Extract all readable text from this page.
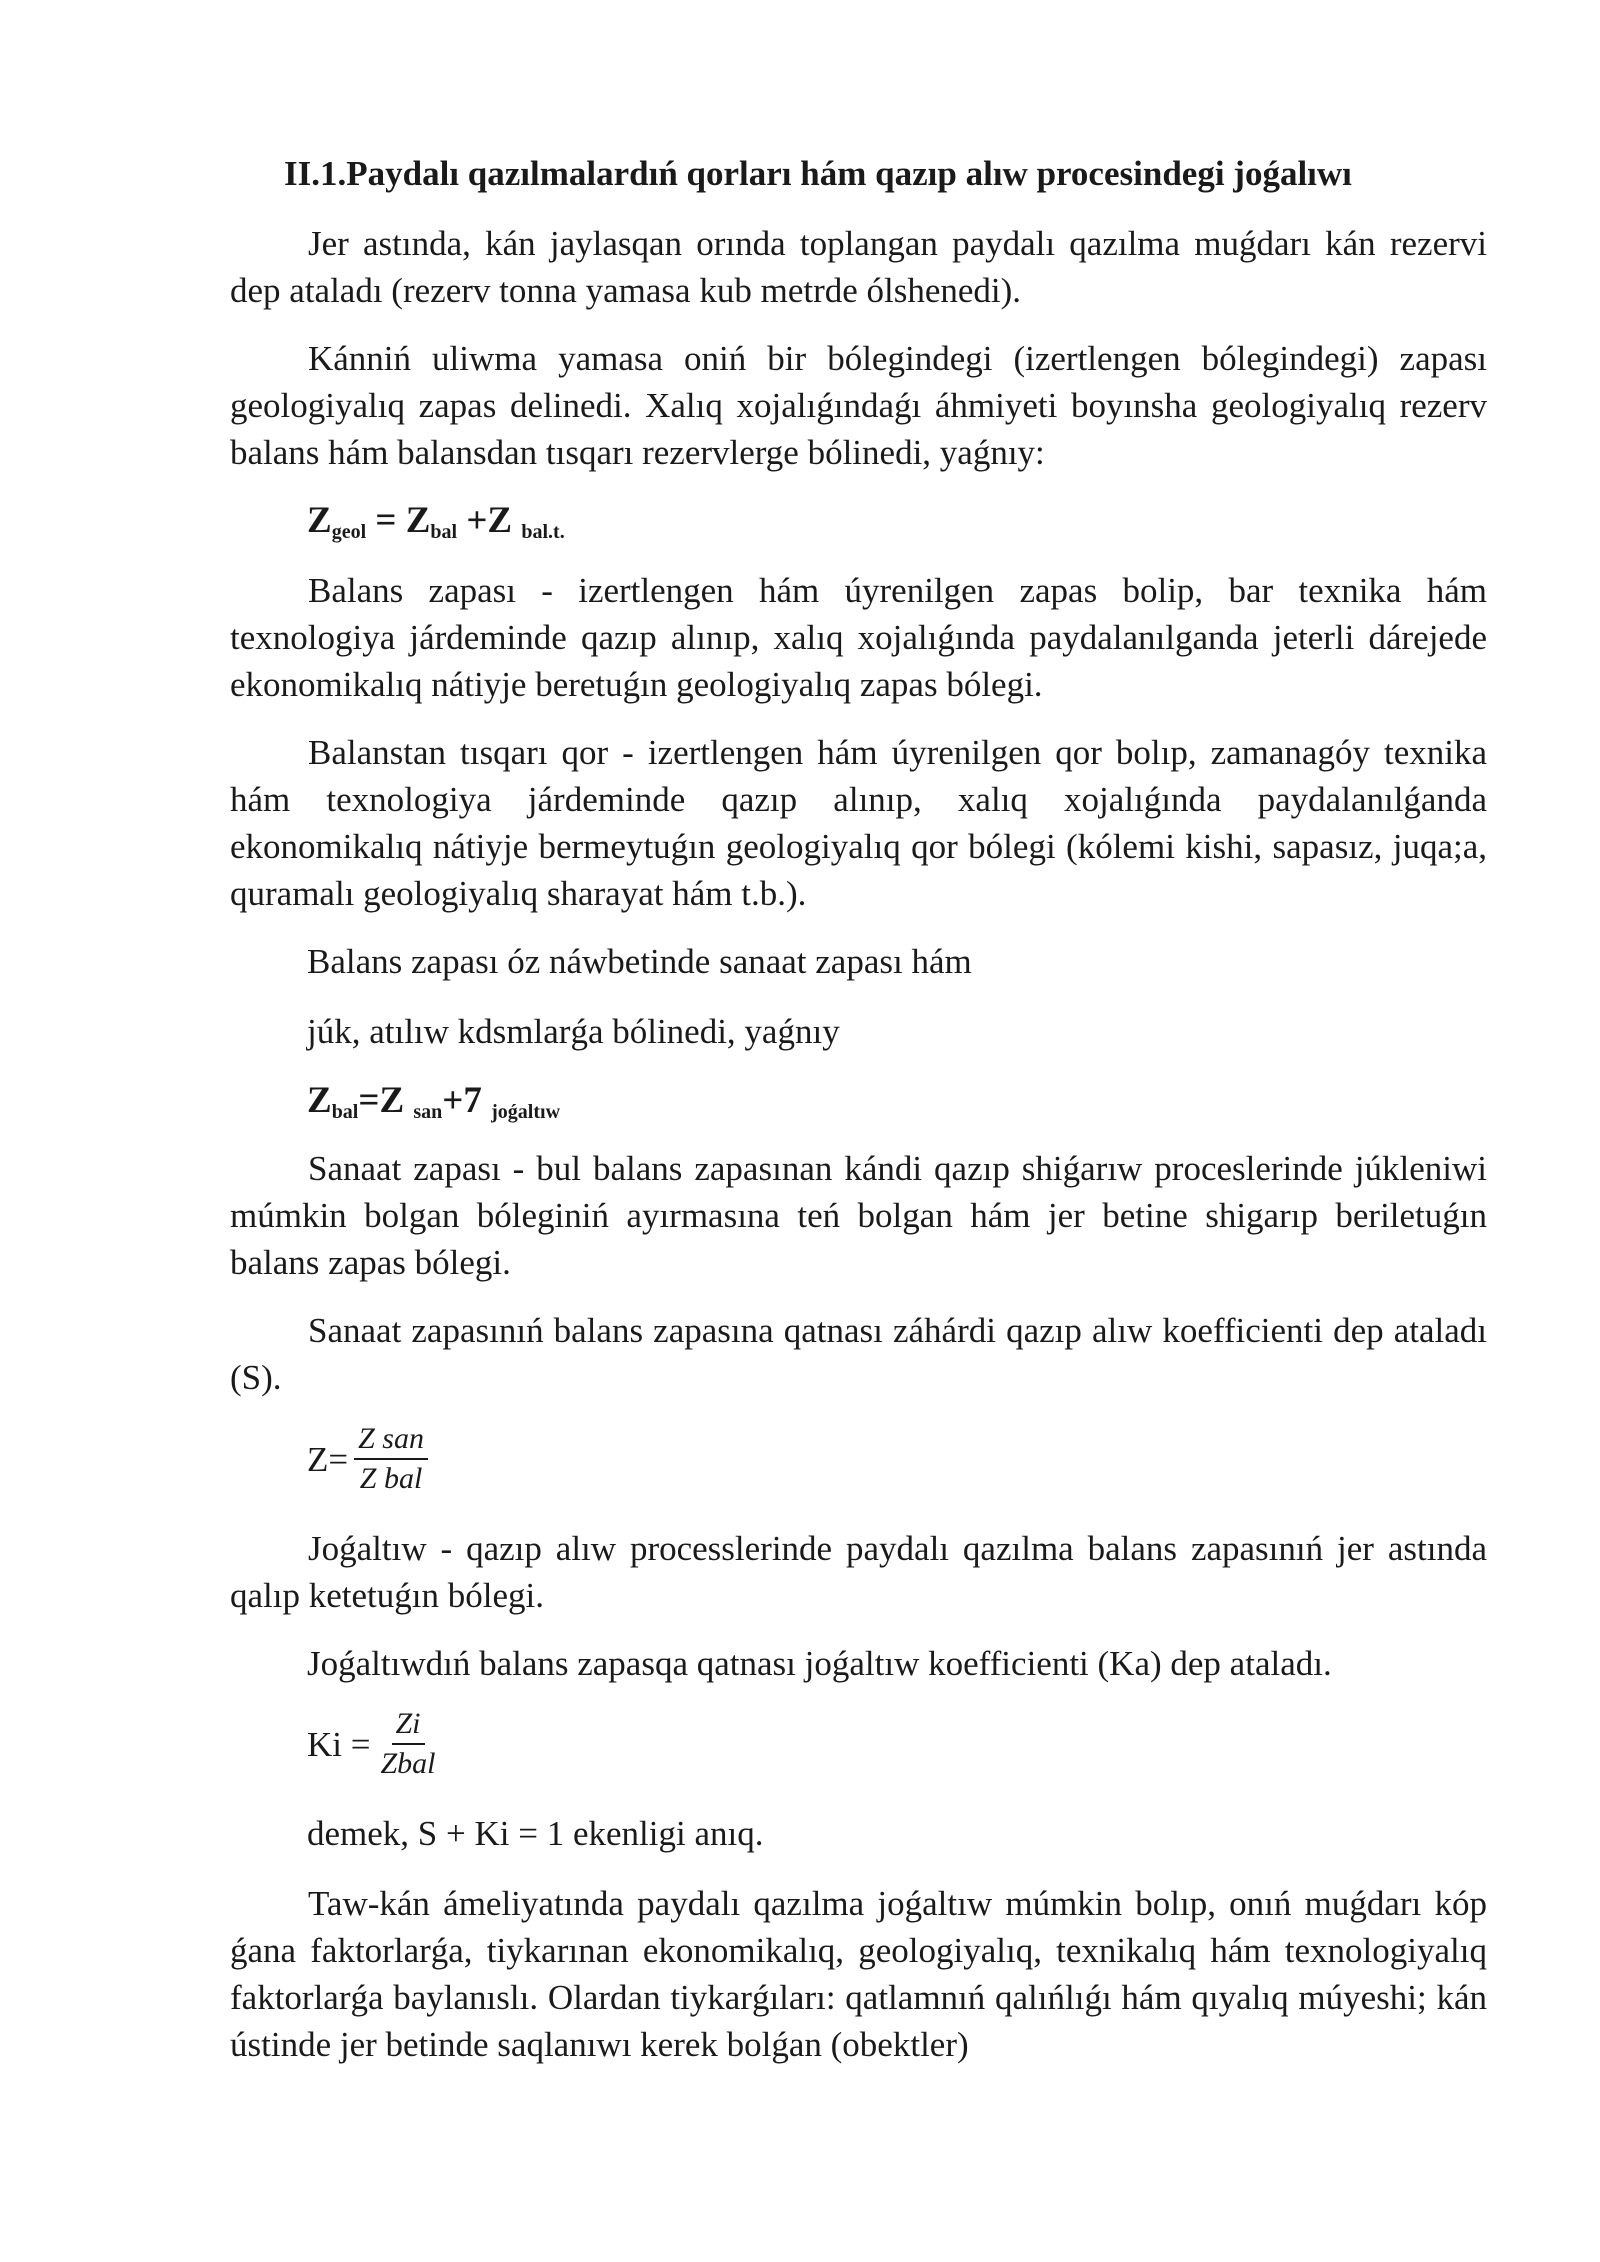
II.1.Paydalı qazılmalardıń qorları hám qazıp alıw procesindegi joǵalıwı

Jer astında, kán jaylasqan orında toplangan paydalı qazılma muǵdarı kán rezervi dep ataladı (rezerv tonna yamasa kub metrde ólshenedi).

Kánniń uliwma yamasa oniń bir bólegindegi (izertlengen bólegindegi) zapası geologiyalıq zapas delinedi. Xalıq xojalıǵındaǵı áhmiyeti boyınsha geologiyalıq rezerv balans hám balansdan tısqarı rezervlerge bólinedi, yaǵnıy:

$Z_{geol} = Z_{bal} +Z$ $_{bal.t.}$

Balans zapası - izertlengen hám úyrenilgen zapas bolip, bar texnika hám texnologiya járdeminde qazıp alınıp, xalıq xojalıǵında paydalanılganda jeterli dárejede ekonomikalıq nátiyje beretuǵın geologiyalıq zapas bólegi.

Balanstan tısqarı qor - izertlengen hám úyrenilgen qor bolıp, zamanagóy texnika hám texnologiya járdeminde qazıp alınıp, xalıq xojalıǵında paydalanılǵanda ekonomikalıq nátiyje bermeytuǵın geologiyalıq qor bólegi (kólemi kishi, sapasız, juqa;a, quramalı geologiyalıq sharayat hám t.b.).

Balans zapası óz náwbetinde sanaat zapası hám

júk, atılıw kdsmlarǵa bólinedi, yaǵnıy

$Z_{bal}=Z$ $_{san}$+7 $_{joǵaltıw}$

Sanaat zapası - bul balans zapasınan kándi qazıp shiǵarıw proceslerinde júkleniwi múmkin bolgan bóleginiń ayırmasına teń bolgan hám jer betine shigarıp beriletuǵın balans zapas bólegi.

Sanaat zapasınıń balans zapasına qatnası záhárdi qazıp alıw koefficienti dep ataladı (S).

$Z= \frac{\text{Z san}}{\text{Z bal}}$

Joǵaltıw - qazıp alıw processlerinde paydalı qazılma balans zapasınıń jer astında qalıp ketetuǵın bólegi.

Joǵaltıwdıń balans zapasqa qatnası joǵaltıw koefficienti (Ka) dep ataladı.

$Ki = \frac{Zi}{\text{Zbal}}$

demek, S + Ki = 1 ekenligi anıq.

Taw-kán ámeliyatında paydalı qazılma joǵaltıw múmkin bolıp, onıń muǵdarı kóp ǵana faktorlarǵa, tiykarınan ekonomikalıq, geologiyalıq, texnikalıq hám texnologiyalıq faktorlarǵa baylanıslı. Olardan tiykarǵıları: qatlamnıń qalıńlıǵı hám qıyalıq múyeshi; kán ústinde jer betinde saqlanıwı kerek bolǵan (obektler)
